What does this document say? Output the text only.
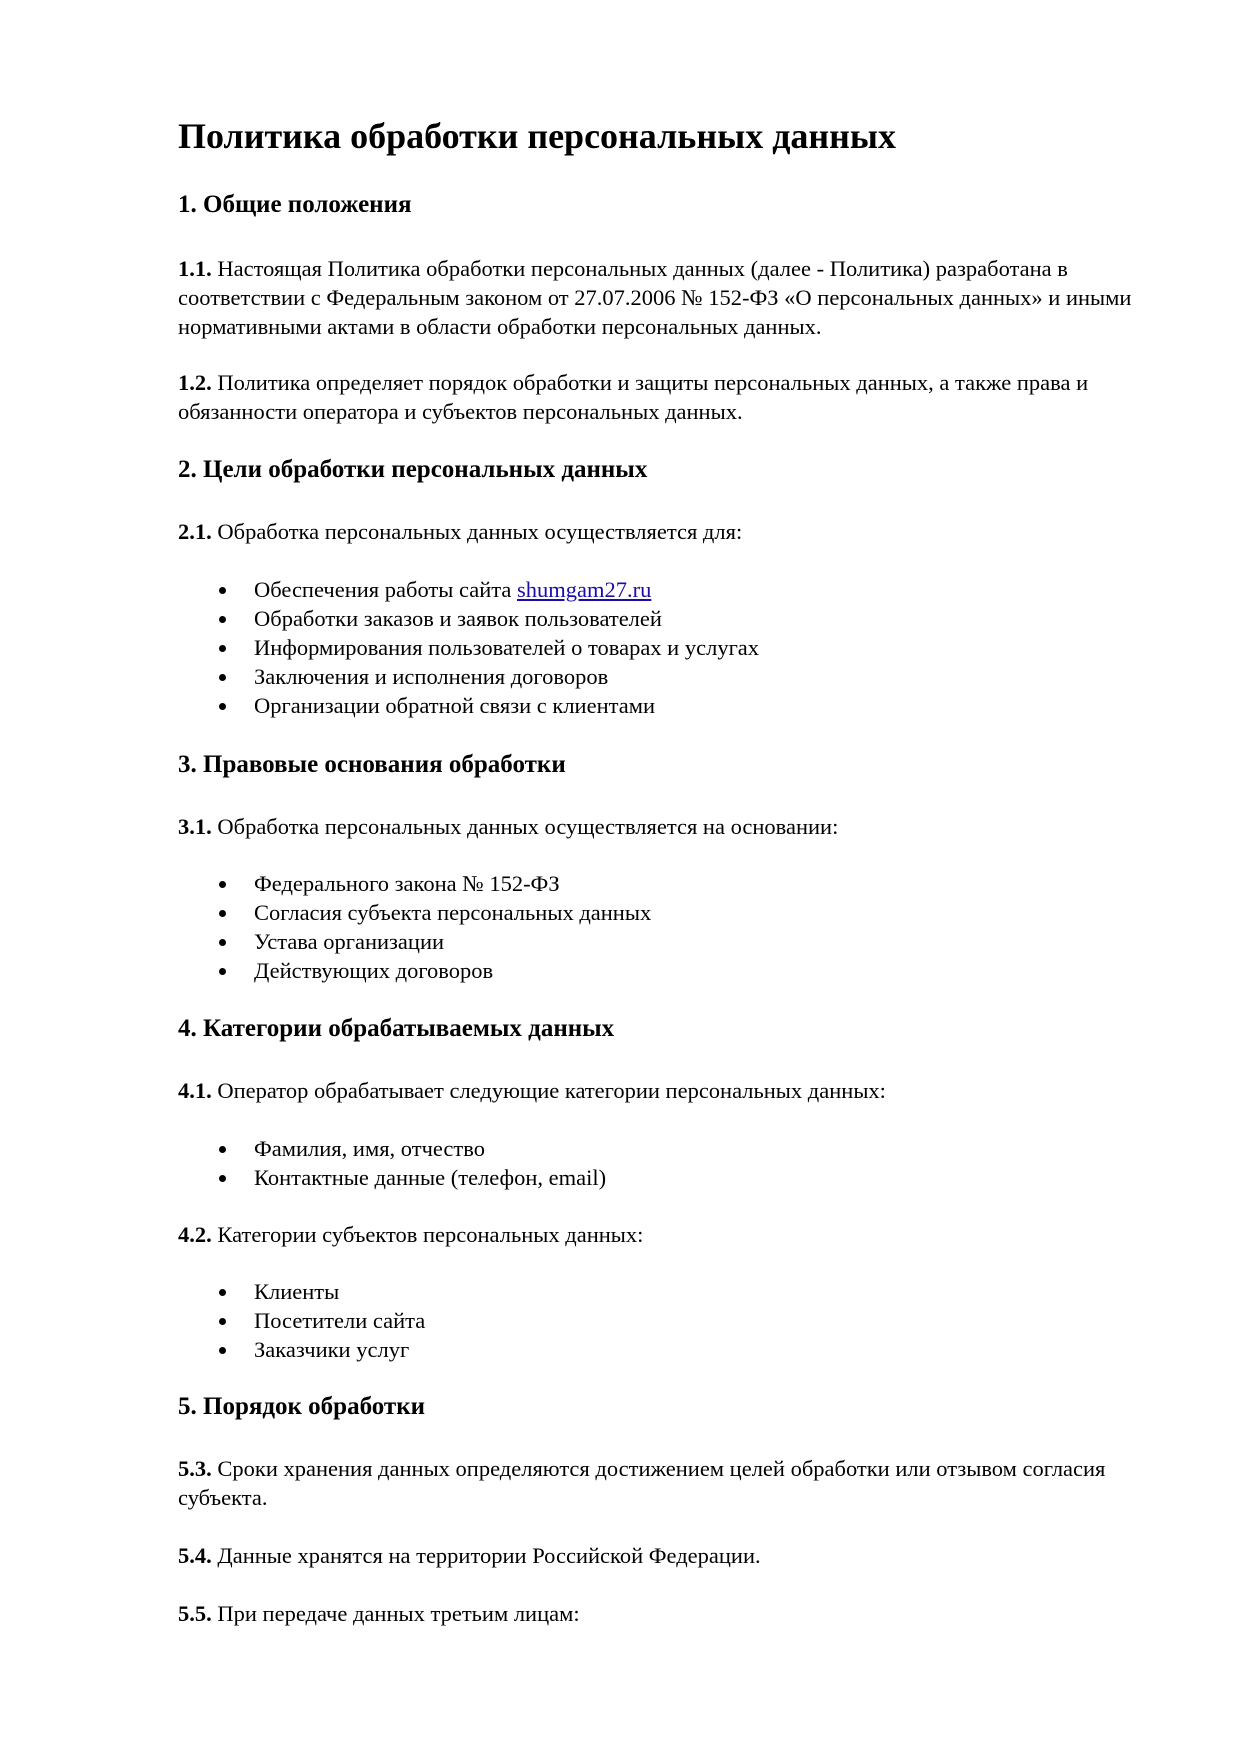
Политика обработки персональных данных
1. Общие положения

1.1. Настоящая Политика обработки персональных данных (далее - Политика) разработана в соответствии с Федеральным законом от 27.07.2006 № 152-ФЗ «О персональных данных» и иными нормативными актами в области обработки персональных данных.

1.2. Политика определяет порядок обработки и защиты персональных данных, а также права и обязанности оператора и субъектов персональных данных.

2. Цели обработки персональных данных

2.1. Обработка персональных данных осуществляется для:

Обеспечения работы сайта shumgam27.ru
Обработки заказов и заявок пользователей
Информирования пользователей о товарах и услугах
Заключения и исполнения договоров
Организации обратной связи с клиентами
3. Правовые основания обработки

3.1. Обработка персональных данных осуществляется на основании:

Федерального закона № 152-ФЗ
Согласия субъекта персональных данных
Устава организации
Действующих договоров
4. Категории обрабатываемых данных

4.1. Оператор обрабатывает следующие категории персональных данных:

Фамилия, имя, отчество
Контактные данные (телефон, email)

4.2. Категории субъектов персональных данных:

Клиенты
Посетители сайта
Заказчики услуг
5. Порядок обработки

5.3. Сроки хранения данных определяются достижением целей обработки или отзывом согласия субъекта.

5.4. Данные хранятся на территории Российской Федерации.

5.5. При передаче данных третьим лицам:
